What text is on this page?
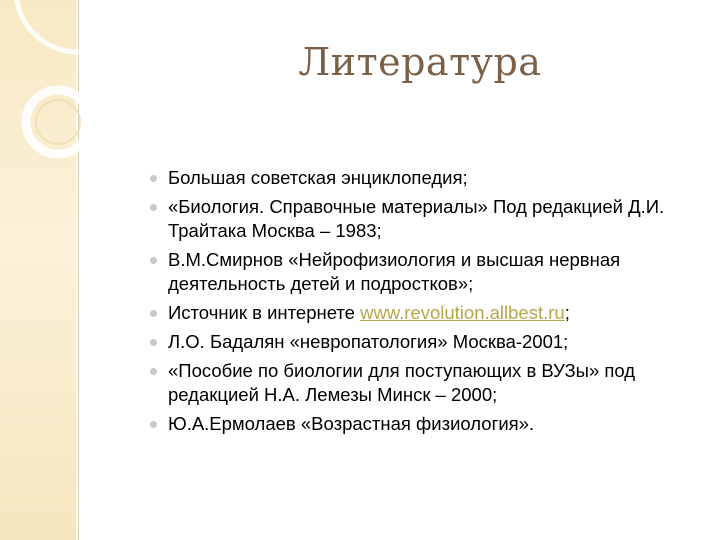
Литература
Большая советская энциклопедия;
«Биология. Справочные материалы» Под редакцией Д.И. Трайтака Москва – 1983;
В.М.Смирнов «Нейрофизиология и высшая нервная деятельность детей и подростков»;
Источник в интернете www.revolution.allbest.ru;
Л.О. Бадалян «невропатология» Москва-2001;
«Пособие по биологии для поступающих в ВУЗы» под редакцией Н.А. Лемезы Минск – 2000;
Ю.А.Ермолаев «Возрастная физиология».
